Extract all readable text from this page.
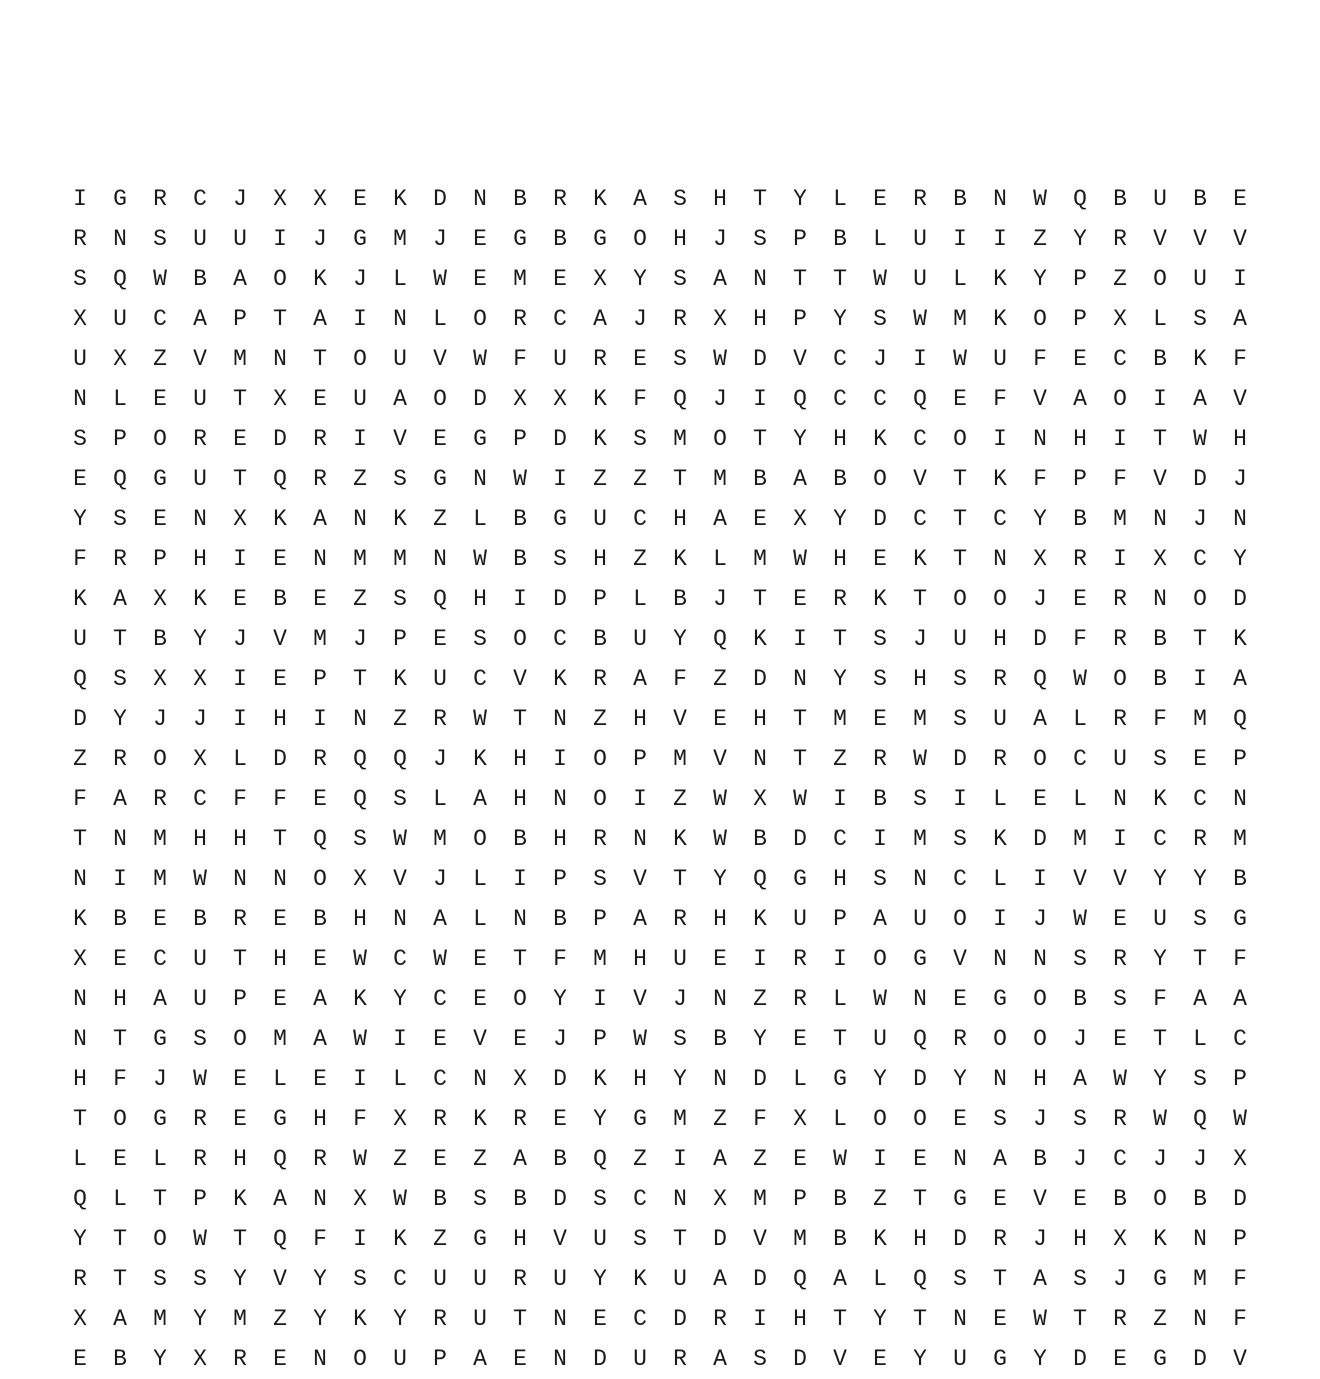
I	G	R	C	J	X	X	E	K	D	N	B	R	K	A	S	H	T	Y	L	E	R	B	N	W	Q	B	U	B	E
R	N	S	U	U	I	J	G	M	J	E	G	B	G	O	H	J	S	P	B	L	U	I	I	Z	Y	R	V	V	V
S	Q	W	B	A	O	K	J	L	W	E	M	E	X	Y	S	A	N	T	T	W	U	L	K	Y	P	Z	O	U	I
X	U	C	A	P	T	A	I	N	L	O	R	C	A	J	R	X	H	P	Y	S	W	M	K	O	P	X	L	S	A
U	X	Z	V	M	N	T	O	U	V	W	F	U	R	E	S	W	D	V	C	J	I	W	U	F	E	C	B	K	F
N	L	E	U	T	X	E	U	A	O	D	X	X	K	F	Q	J	I	Q	C	C	Q	E	F	V	A	O	I	A	V
S	P	O	R	E	D	R	I	V	E	G	P	D	K	S	M	O	T	Y	H	K	C	O	I	N	H	I	T	W	H
E	Q	G	U	T	Q	R	Z	S	G	N	W	I	Z	Z	T	M	B	A	B	O	V	T	K	F	P	F	V	D	J
Y	S	E	N	X	K	A	N	K	Z	L	B	G	U	C	H	A	E	X	Y	D	C	T	C	Y	B	M	N	J	N
F	R	P	H	I	E	N	M	M	N	W	B	S	H	Z	K	L	M	W	H	E	K	T	N	X	R	I	X	C	Y
K	A	X	K	E	B	E	Z	S	Q	H	I	D	P	L	B	J	T	E	R	K	T	O	O	J	E	R	N	O	D
U	T	B	Y	J	V	M	J	P	E	S	O	C	B	U	Y	Q	K	I	T	S	J	U	H	D	F	R	B	T	K
Q	S	X	X	I	E	P	T	K	U	C	V	K	R	A	F	Z	D	N	Y	S	H	S	R	Q	W	O	B	I	A
D	Y	J	J	I	H	I	N	Z	R	W	T	N	Z	H	V	E	H	T	M	E	M	S	U	A	L	R	F	M	Q
Z	R	O	X	L	D	R	Q	Q	J	K	H	I	O	P	M	V	N	T	Z	R	W	D	R	O	C	U	S	E	P
F	A	R	C	F	F	E	Q	S	L	A	H	N	O	I	Z	W	X	W	I	B	S	I	L	E	L	N	K	C	N
T	N	M	H	H	T	Q	S	W	M	O	B	H	R	N	K	W	B	D	C	I	M	S	K	D	M	I	C	R	M
N	I	M	W	N	N	O	X	V	J	L	I	P	S	V	T	Y	Q	G	H	S	N	C	L	I	V	V	Y	Y	B
K	B	E	B	R	E	B	H	N	A	L	N	B	P	A	R	H	K	U	P	A	U	O	I	J	W	E	U	S	G
X	E	C	U	T	H	E	W	C	W	E	T	F	M	H	U	E	I	R	I	O	G	V	N	N	S	R	Y	T	F
N	H	A	U	P	E	A	K	Y	C	E	O	Y	I	V	J	N	Z	R	L	W	N	E	G	O	B	S	F	A	A
N	T	G	S	O	M	A	W	I	E	V	E	J	P	W	S	B	Y	E	T	U	Q	R	O	O	J	E	T	L	C
H	F	J	W	E	L	E	I	L	C	N	X	D	K	H	Y	N	D	L	G	Y	D	Y	N	H	A	W	Y	S	P
T	O	G	R	E	G	H	F	X	R	K	R	E	Y	G	M	Z	F	X	L	O	O	E	S	J	S	R	W	Q	W
L	E	L	R	H	Q	R	W	Z	E	Z	A	B	Q	Z	I	A	Z	E	W	I	E	N	A	B	J	C	J	J	X
Q	L	T	P	K	A	N	X	W	B	S	B	D	S	C	N	X	M	P	B	Z	T	G	E	V	E	B	O	B	D
Y	T	O	W	T	Q	F	I	K	Z	G	H	V	U	S	T	D	V	M	B	K	H	D	R	J	H	X	K	N	P
R	T	S	S	Y	V	Y	S	C	U	U	R	U	Y	K	U	A	D	Q	A	L	Q	S	T	A	S	J	G	M	F
X	A	M	Y	M	Z	Y	K	Y	R	U	T	N	E	C	D	R	I	H	T	Y	T	N	E	W	T	R	Z	N	F
E	B	Y	X	R	E	N	O	U	P	A	E	N	D	U	R	A	S	D	V	E	Y	U	G	Y	D	E	G	D	V
